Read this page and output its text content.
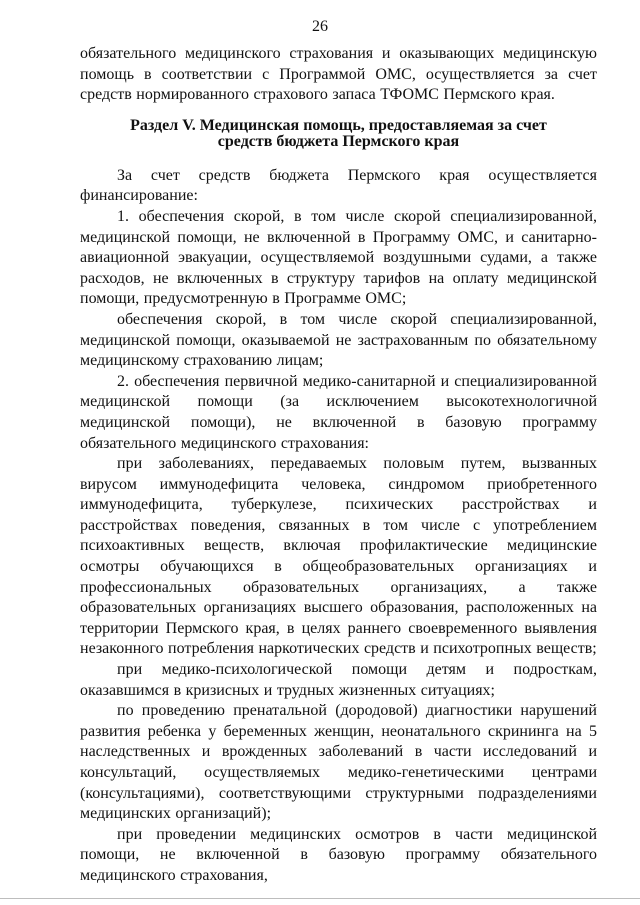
26

обязательного медицинского страхования и оказывающих медицинскую помощь в соответствии с Программой ОМС, осуществляется за счет средств нормированного страхового запаса ТФОМС Пермского края.

Раздел V. Медицинская помощь, предоставляемая за счет
средств бюджета Пермского края

За счет средств бюджета Пермского края осуществляется финансирование:

1. обеспечения скорой, в том числе скорой специализированной, медицинской помощи, не включенной в Программу ОМС, и санитарно-авиационной эвакуации, осуществляемой воздушными судами, а также расходов, не включенных в структуру тарифов на оплату медицинской помощи, предусмотренную в Программе ОМС;

обеспечения скорой, в том числе скорой специализированной, медицинской помощи, оказываемой не застрахованным по обязательному медицинскому страхованию лицам;

2. обеспечения первичной медико-санитарной и специализированной медицинской помощи (за исключением высокотехнологичной медицинской помощи), не включенной в базовую программу обязательного медицинского страхования:

при заболеваниях, передаваемых половым путем, вызванных вирусом иммунодефицита человека, синдромом приобретенного иммунодефицита, туберкулезе, психических расстройствах и расстройствах поведения, связанных в том числе с употреблением психоактивных веществ, включая профилактические медицинские осмотры обучающихся в общеобразовательных организациях и профессиональных образовательных организациях, а также образовательных организациях высшего образования, расположенных на территории Пермского края, в целях раннего своевременного выявления незаконного потребления наркотических средств и психотропных веществ;

при медико-психологической помощи детям и подросткам, оказавшимся в кризисных и трудных жизненных ситуациях;

по проведению пренатальной (дородовой) диагностики нарушений развития ребенка у беременных женщин, неонатального скрининга на 5 наследственных и врожденных заболеваний в части исследований и консультаций, осуществляемых медико-генетическими центрами (консультациями), соответствующими структурными подразделениями медицинских организаций);

при проведении медицинских осмотров в части медицинской помощи, не включенной в базовую программу обязательного медицинского страхования,
